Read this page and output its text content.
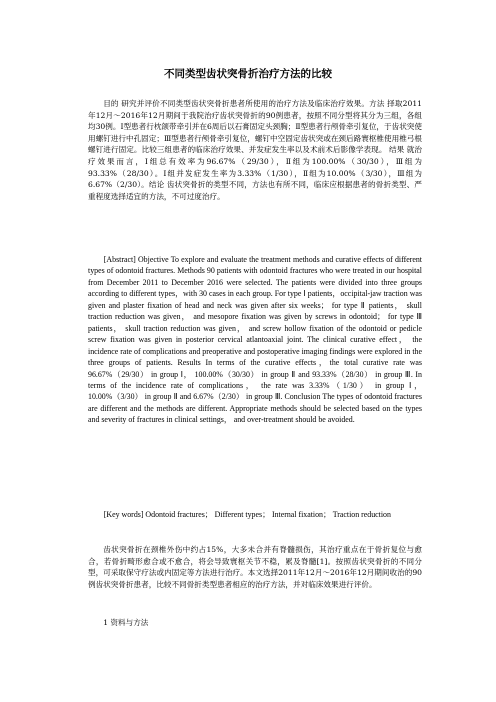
不同类型齿状突骨折治疗方法的比较

目的 研究并评价不同类型齿状突骨折患者所使用的治疗方法及临床治疗效果。方法 择取2011年12月～2016年12月期间于我院治疗齿状突骨折的90例患者，按照不同分型将其分为三组，各组均30例。Ⅰ型患者行枕颌带牵引并在6周后以石膏固定头颈胸；Ⅱ型患者行颅骨牵引复位，于齿状突使用螺钉进行中孔固定；Ⅲ型患者行颅骨牵引复位，螺钉中空固定齿状突或在颈后路寰枢椎使用椎弓根螺钉进行固定。比较三组患者的临床治疗效果、并发症发生率以及术前术后影像学表现。 结果 就治疗效果而言，Ⅰ组总有效率为96.67%（29/30），Ⅱ组为100.00%（30/30），Ⅲ组为93.33%（28/30）。Ⅰ组并发症发生率为3.33%（1/30），Ⅱ组为10.00%（3/30），Ⅲ组为6.67%（2/30）。结论 齿状突骨折的类型不同，方法也有所不同，临床应根据患者的骨折类型、严重程度选择适宜的方法，不可过度治疗。

[Abstract] Objective To explore and evaluate the treatment methods and curative effects of different types of odontoid fractures. Methods 90 patients with odontoid fractures who were treated in our hospital from December 2011 to December 2016 were selected. The patients were divided into three groups according to different types，with 30 cases in each group. For type Ⅰ patients，occipital-jaw traction was given and plaster fixation of head and neck was given after six weeks； for type Ⅱ patients， skull traction reduction was given， and mesopore fixation was given by screws in odontoid； for type Ⅲ patients， skull traction reduction was given， and screw hollow fixation of the odontoid or pedicle screw fixation was given in posterior cervical atlantoaxial joint. The clinical curative effect， the incidence rate of complications and preoperative and postoperative imaging findings were explored in the three groups of patients. Results In terms of the curative effects，the total curative rate was 96.67%（29/30） in group Ⅰ， 100.00%（30/30） in group Ⅱ and 93.33%（28/30） in group Ⅲ. In terms of the incidence rate of complications， the rate was 3.33%（1/30） in group Ⅰ， 10.00%（3/30） in group Ⅱ and 6.67%（2/30） in group Ⅲ. Conclusion The types of odontoid fractures are different and the methods are different. Appropriate methods should be selected based on the types and severity of fractures in clinical settings， and over-treatment should be avoided.

[Key words] Odontoid fractures； Different types； Internal fixation； Traction reduction

齿状突骨折在颈椎外伤中约占15%，大多未合并有脊髓损伤，其治疗重点在于骨折复位与愈合，若骨折畸形愈合或不愈合，将会导致寰枢关节不稳，累及脊髓[1]。按照齿状突骨折的不同分型，可采取保守疗法或内固定等方法进行治疗。本文选择2011年12月～2016年12月期间收治的90例齿状突骨折患者，比较不同骨折类型患者相应的治疗方法，并对临床效果进行评价。

1 资料与方法
